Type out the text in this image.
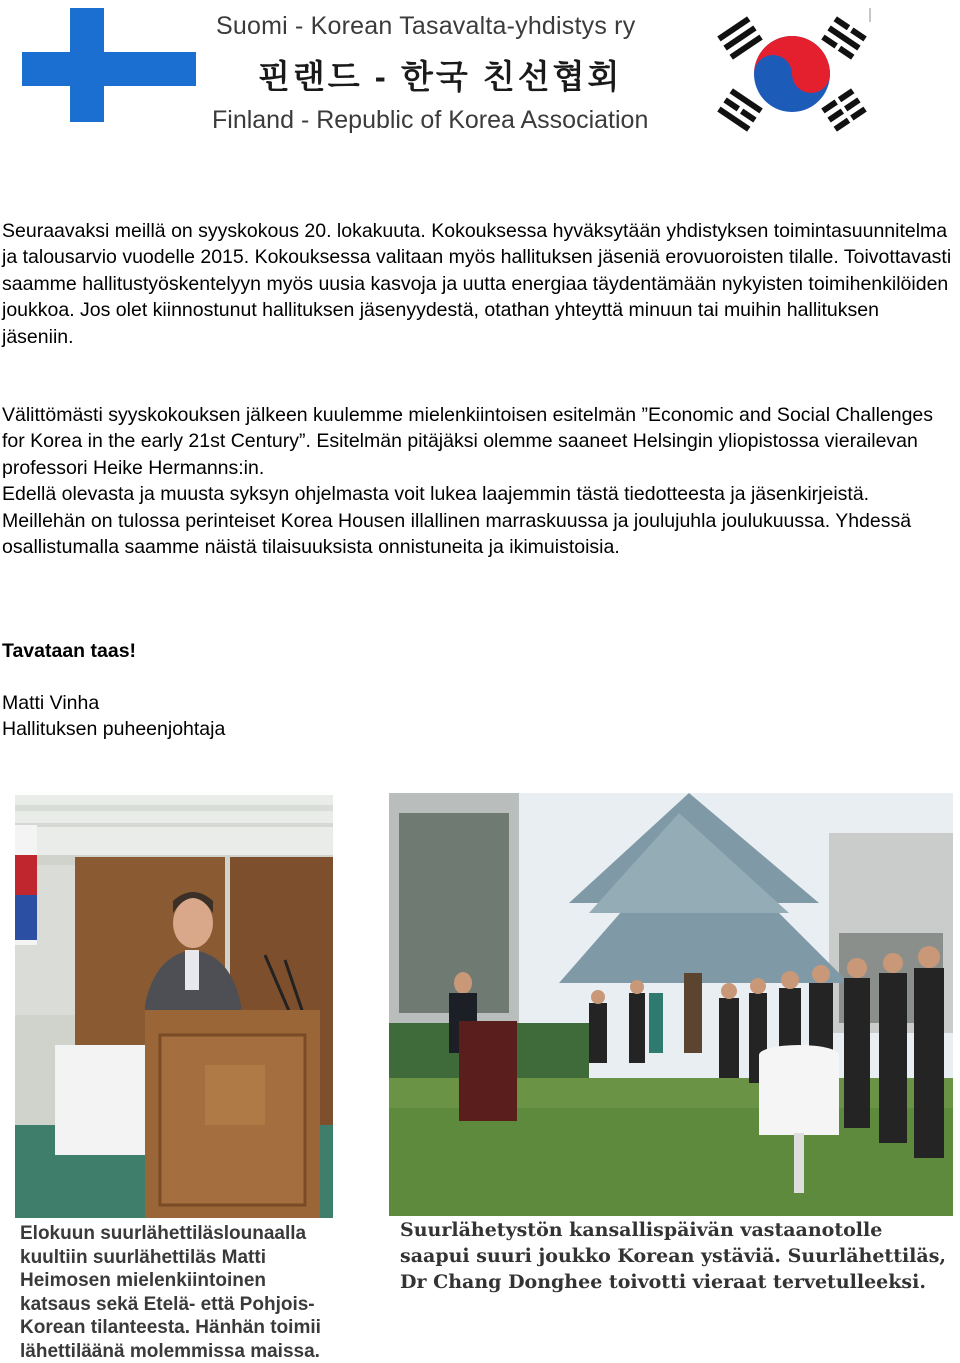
Suomi - Korean Tasavalta-yhdistys ry
핀랜드 - 한국 친선협회
Finland - Republic of Korea Association

Seuraavaksi meillä on syyskokous 20. lokakuuta. Kokouksessa hyväksytään yhdistyksen toimintasuunnitelma ja talousarvio vuodelle 2015. Kokouksessa valitaan myös hallituksen jäseniä erovuoroisten tilalle. Toivottavasti saamme hallitustyöskentelyyn myös uusia kasvoja ja uutta energiaa täydentämään nykyisten toimihenkilöiden joukkoa. Jos olet kiinnostunut hallituksen jäsenyydestä, otathan yhteyttä minuun tai muihin hallituksen jäseniin.

Välittömästi syyskokouksen jälkeen kuulemme mielenkiintoisen esitelmän ”Economic and Social Challenges for Korea in the early 21st Century”. Esitelmän pitäjäksi olemme saaneet Helsingin yliopistossa vierailevan professori Heike Hermanns:in.

Edellä olevasta ja muusta syksyn ohjelmasta voit lukea laajemmin tästä tiedotteesta ja jäsenkirjeistä. Meillehän on tulossa perinteiset Korea Housen illallinen marraskuussa ja joulujuhla joulukuussa. Yhdessä osallistumalla saamme näistä tilaisuuksista onnistuneita ja ikimuistoisia.

Tavataan taas!

Matti Vinha

Hallituksen puheenjohtaja

Elokuun suurlähettiläslounaalla kuultiin suurlähettiläs Matti Heimosen mielenkiintoinen katsaus sekä Etelä- että Pohjois-Korean tilanteesta. Hänhän toimii lähettiläänä molemmissa maissa.
Suurlähetystön kansallispäivän vastaanotolle saapui suuri joukko Korean ystäviä. Suurlähettiläs, Dr Chang Donghee toivotti vieraat tervetulleeksi.
